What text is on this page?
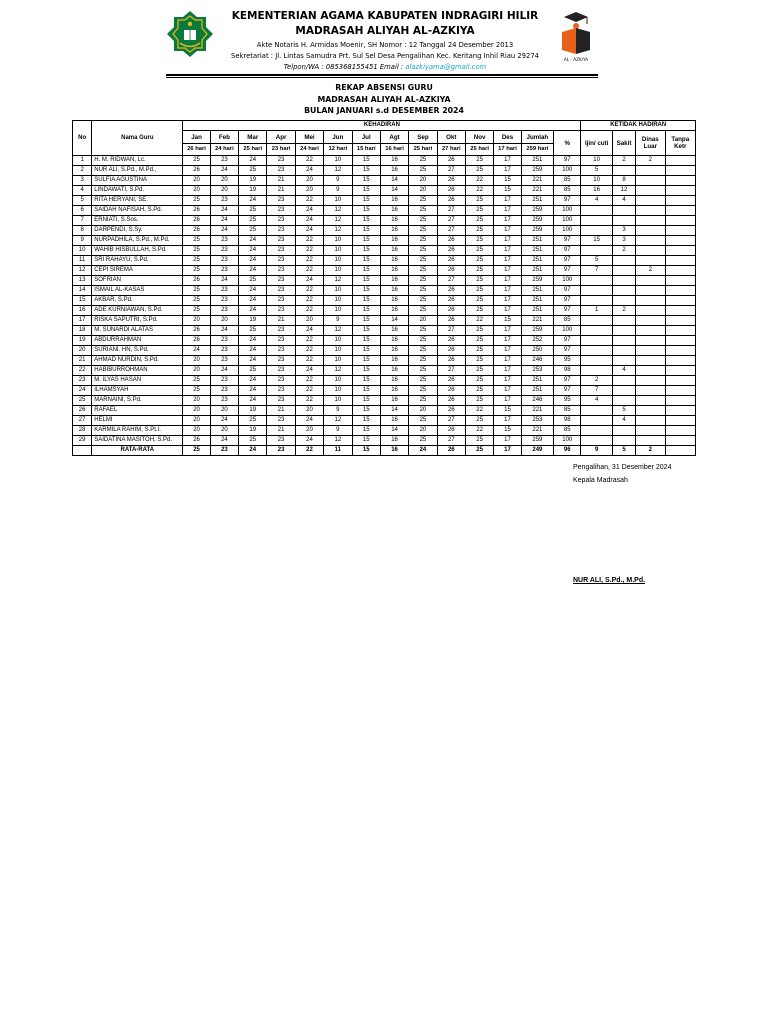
KEMENTERIAN AGAMA KABUPATEN INDRAGIRI HILIR
MADRASAH ALIYAH AL-AZKIYA
Akte Notaris H. Armidas Moenir, SH Nomor : 12 Tanggal 24 Desember 2013
Sekretariat : Jl. Lintas Samudra Prt. Sul Sel Desa Pengalihan Kec. Keritang Inhil Riau 29274
Telpon/WA : 085368155451 Email : alazkiyama@gmail.com
AL - AZKIYA
REKAP ABSENSI GURU
MADRASAH ALIYAH AL-AZKIYA
BULAN JANUARI s.d DESEMBER 2024
No	Nama Guru	KEHADIRAN														KETIDAK HADIRAN			
		Jan	Feb	Mar	Apr	Mei	Jun	Jul	Agt	Sep	Okt	Nov	Des	Jumlah	%	Ijin/ cuti	Sakit	Dinas Luar	Tanpa Ketr
		26 hari	24 hari	25 hari	23 hari	24 hari	12 hari	15 hari	16 hari	25 hari	27 hari	25 hari	17 hari	259 hari					
1	H. M. RIDWAN, Lc.	25	23	24	23	22	10	15	16	25	26	25	17	251	97	10	2	2	
2	NUR ALI, S.Pd., M.Pd.,	26	24	25	23	24	12	15	16	25	27	25	17	259	100	5			
3	SULFIA AGUSTINA	20	20	19	21	20	9	15	14	20	26	22	15	221	85	10	8		
4	LINDAWATI, S.Pd.	20	20	19	21	20	9	15	14	20	26	22	15	221	85	16	12		
5	RITA HERYANI, SE.	25	23	24	23	22	10	15	16	25	26	25	17	251	97	4	4		
6	SAIDAH NAFISAH, S.Pd.	26	24	25	23	24	12	15	16	25	27	25	17	259	100				
7	ERNIATI, S.Sos.	26	24	25	23	24	12	15	16	25	27	25	17	259	100				
8	DARPENDI, S.Sy.	26	24	25	23	24	12	15	16	25	27	25	17	259	100		3		
9	NURPADHILA, S.Pd., M.Pd.	25	23	24	23	22	10	15	16	25	26	25	17	251	97	15	3		
10	WAHIB HISBULLAH, S.Pd.	25	23	24	23	22	10	15	16	25	26	25	17	251	97		2		
11	SRI RAHAYU, S.Pd.	25	23	24	23	22	10	15	16	25	26	25	17	251	97	5			
12	CEPI SIREMA	25	23	24	23	22	10	15	16	25	26	25	17	251	97	7		2	
13	SOFRIAN	26	24	25	23	24	12	15	16	25	27	25	17	259	100				
14	ISMAIL AL-KASAS	25	23	24	23	22	10	15	16	25	26	25	17	251	97				
15	AKBAR, S.Pd.	25	23	24	23	22	10	15	16	25	26	25	17	251	97				
16	ADE KURNIAWAN, S.Pd.	25	23	24	23	22	10	15	16	25	26	25	17	251	97	1	2		
17	RISKA SAPUTRI, S.Pd.	20	20	19	21	20	9	15	14	20	26	22	15	221	85				
18	M. SUNARDI ALATAS	26	24	25	23	24	12	15	16	25	27	25	17	259	100				
19	ABDURRAHMAN	26	23	24	23	22	10	15	16	25	26	25	17	252	97				
20	SURIANI. HN, S.Pd.	24	23	24	23	22	10	15	16	25	26	25	17	250	97				
21	AHMAD NURDIN, S.Pd.	20	23	24	23	22	10	15	16	25	26	25	17	246	95				
22	HABIBURROHMAN	20	24	25	23	24	12	15	16	25	27	25	17	253	98		4		
23	M. ILYAS HASAN	25	23	24	23	22	10	15	16	25	26	25	17	251	97	2			
24	ILHAMSYAH	25	23	24	23	22	10	15	16	25	26	25	17	251	97	7			
25	MARNAINI, S.Pd.	20	23	24	23	22	10	15	16	25	26	25	17	246	95	4			
26	RAFAEL	20	20	19	21	20	9	15	14	20	26	22	15	221	85		5		
27	HELMI	20	24	25	23	24	12	15	16	25	27	25	17	253	98		4		
28	KARMILA RAHIM, S.Pt.I.	20	20	19	21	20	9	15	14	20	26	22	15	221	85				
29	SAIDATINA MASITOH, S.Pd.	26	24	25	23	24	12	15	16	25	27	25	17	259	100				
	RATA-RATA	25	23	24	23	22	11	15	16	24	26	25	17	249	96	9	5	2	
Pengalihan, 31 Desember 2024
Kepala Madrasah
NUR ALI, S.Pd., M.Pd.
